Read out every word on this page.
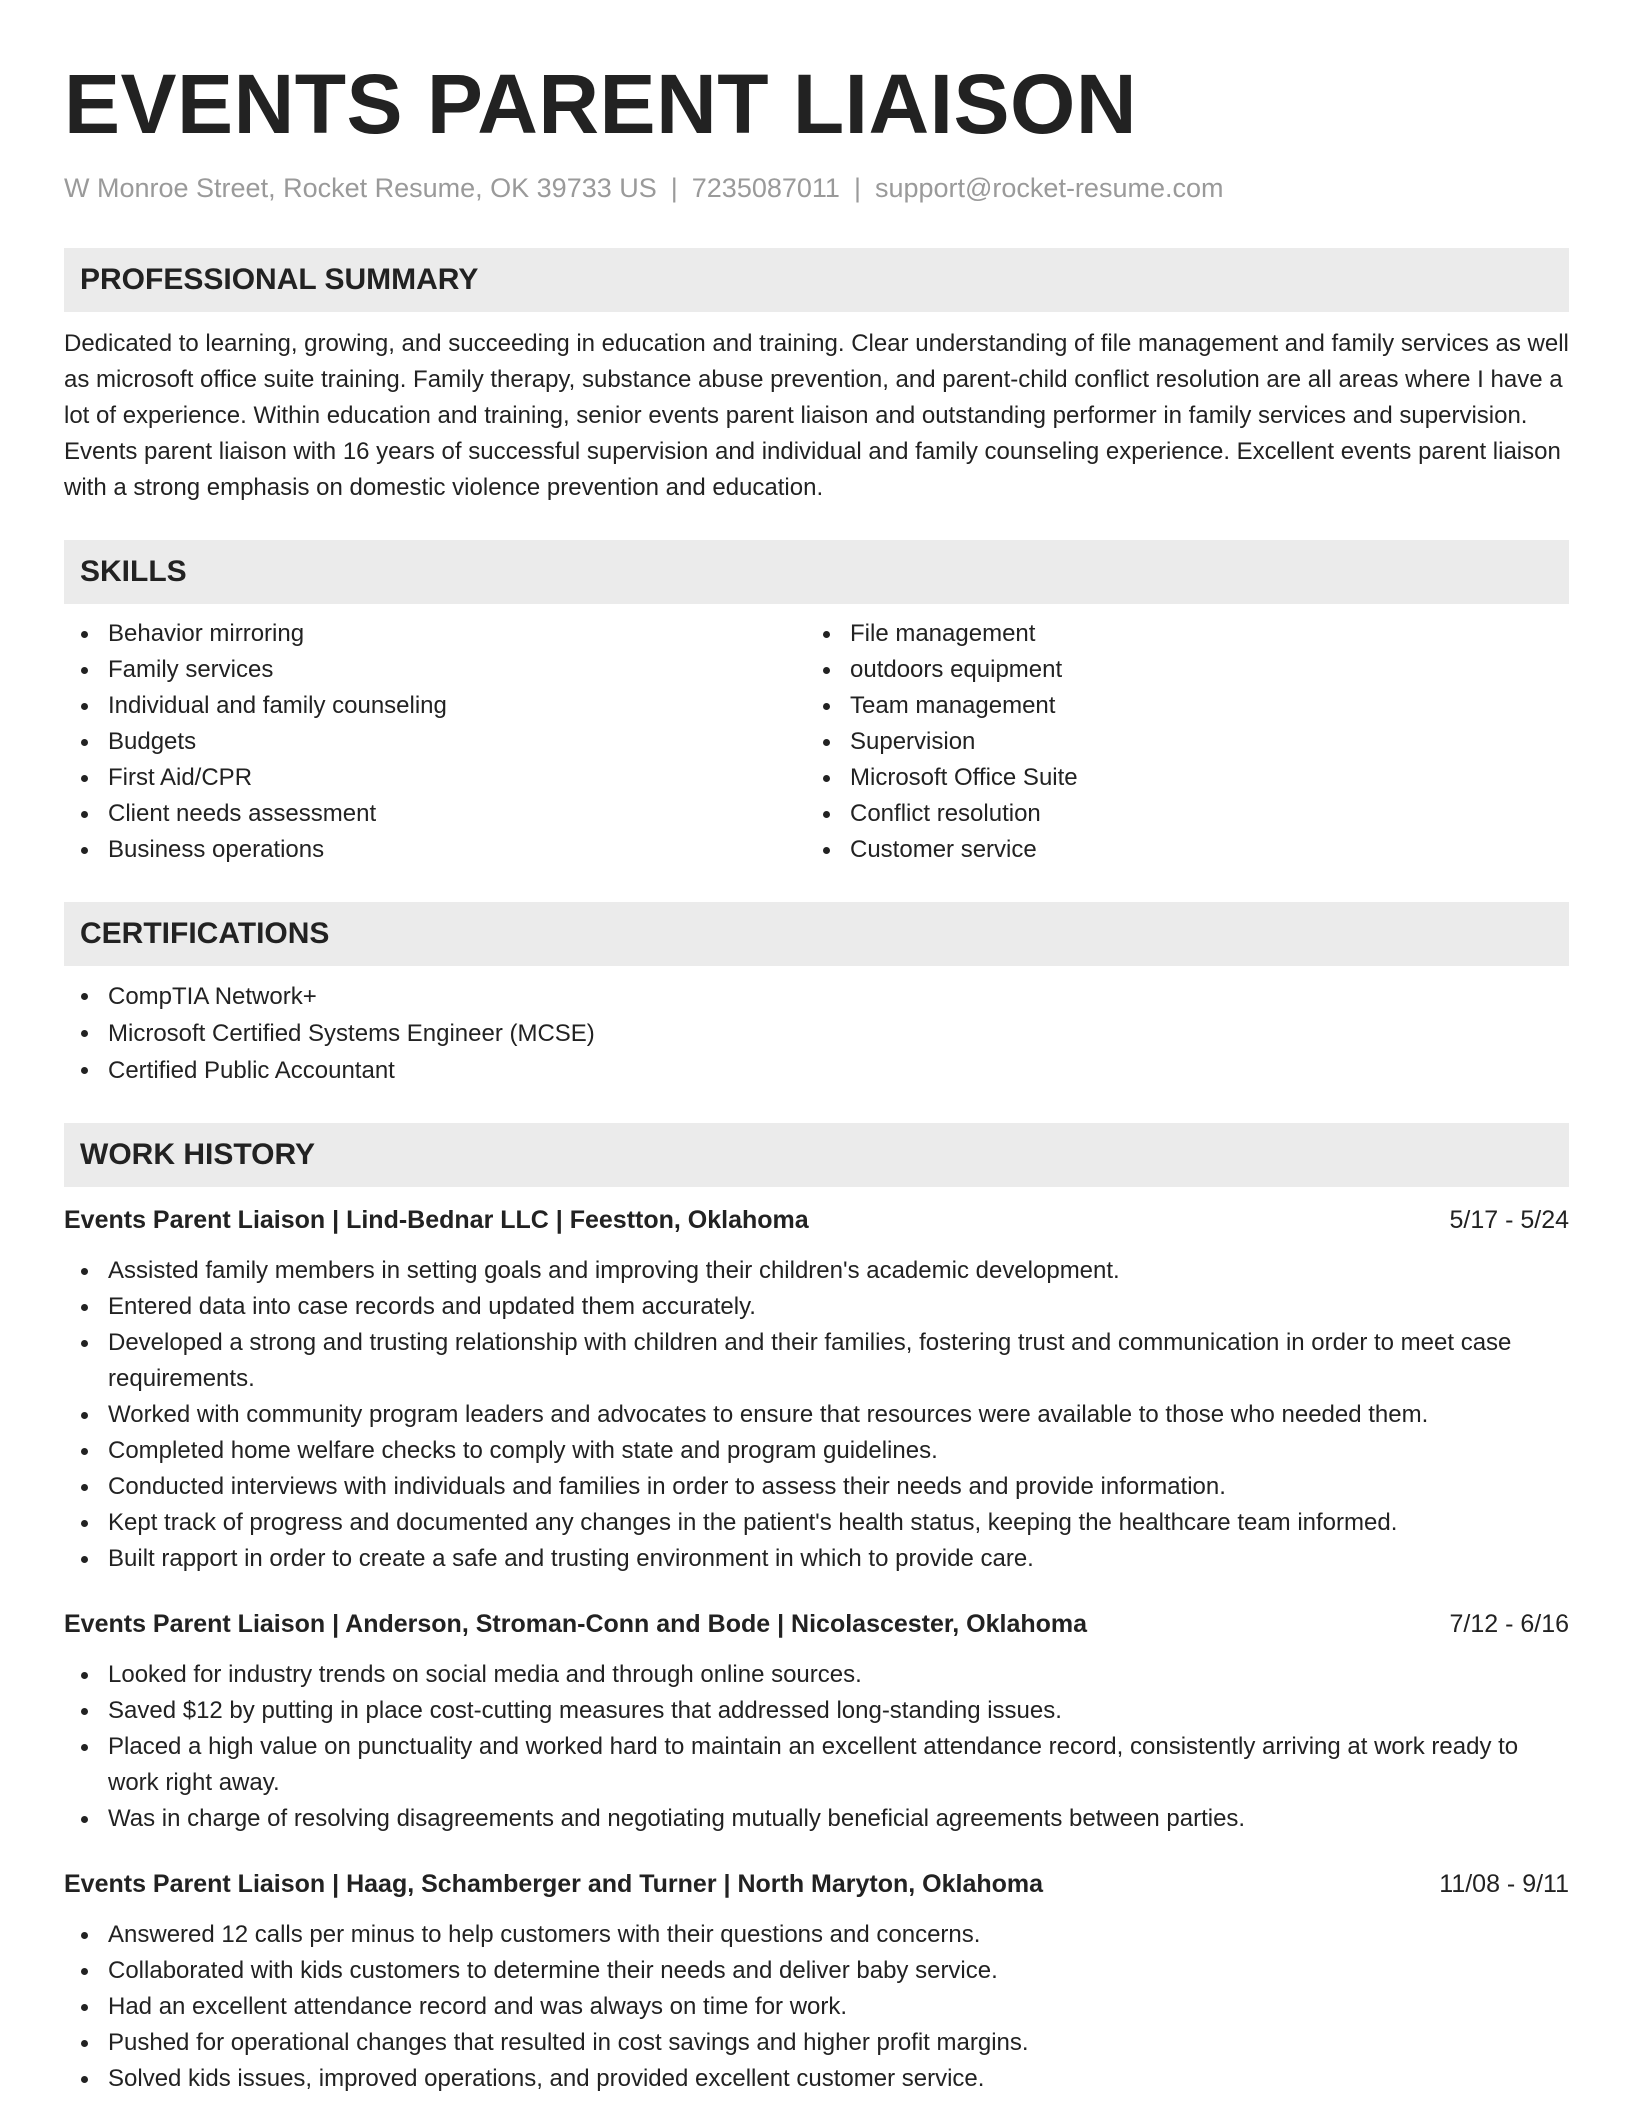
EVENTS PARENT LIAISON
W Monroe Street, Rocket Resume, OK 39733 US | 7235087011 | support@rocket-resume.com
PROFESSIONAL SUMMARY
Dedicated to learning, growing, and succeeding in education and training. Clear understanding of file management and family services as well as microsoft office suite training. Family therapy, substance abuse prevention, and parent-child conflict resolution are all areas where I have a lot of experience. Within education and training, senior events parent liaison and outstanding performer in family services and supervision. Events parent liaison with 16 years of successful supervision and individual and family counseling experience. Excellent events parent liaison with a strong emphasis on domestic violence prevention and education.
SKILLS
Behavior mirroring
Family services
Individual and family counseling
Budgets
First Aid/CPR
Client needs assessment
Business operations
File management
outdoors equipment
Team management
Supervision
Microsoft Office Suite
Conflict resolution
Customer service
CERTIFICATIONS
CompTIA Network+
Microsoft Certified Systems Engineer (MCSE)
Certified Public Accountant
WORK HISTORY
Events Parent Liaison | Lind-Bednar LLC | Feestton, Oklahoma	5/17 - 5/24
Assisted family members in setting goals and improving their children's academic development.
Entered data into case records and updated them accurately.
Developed a strong and trusting relationship with children and their families, fostering trust and communication in order to meet case requirements.
Worked with community program leaders and advocates to ensure that resources were available to those who needed them.
Completed home welfare checks to comply with state and program guidelines.
Conducted interviews with individuals and families in order to assess their needs and provide information.
Kept track of progress and documented any changes in the patient's health status, keeping the healthcare team informed.
Built rapport in order to create a safe and trusting environment in which to provide care.
Events Parent Liaison | Anderson, Stroman-Conn and Bode | Nicolascester, Oklahoma	7/12 - 6/16
Looked for industry trends on social media and through online sources.
Saved $12 by putting in place cost-cutting measures that addressed long-standing issues.
Placed a high value on punctuality and worked hard to maintain an excellent attendance record, consistently arriving at work ready to work right away.
Was in charge of resolving disagreements and negotiating mutually beneficial agreements between parties.
Events Parent Liaison | Haag, Schamberger and Turner | North Maryton, Oklahoma	11/08 - 9/11
Answered 12 calls per minus to help customers with their questions and concerns.
Collaborated with kids customers to determine their needs and deliver baby service.
Had an excellent attendance record and was always on time for work.
Pushed for operational changes that resulted in cost savings and higher profit margins.
Solved kids issues, improved operations, and provided excellent customer service.
